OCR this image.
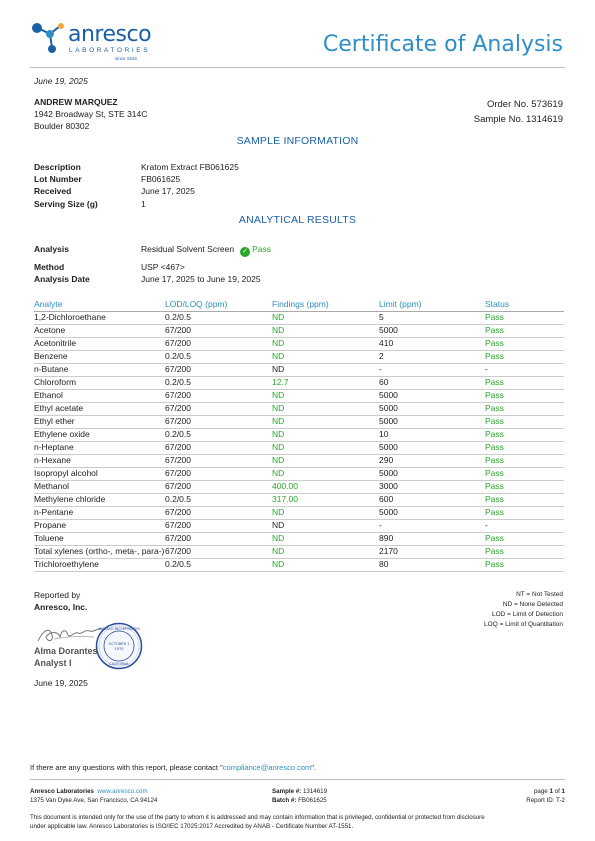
anresco
LABORATORIES
since 1943
Certificate of Analysis
June 19, 2025
ANDREW MARQUEZ
1942 Broadway St, STE 314C
Boulder 80302
Order No. 573619
Sample No. 1314619
SAMPLE INFORMATION
Description	Kratom Extract FB061625
Lot Number	FB061625
Received	June 17, 2025
Serving Size (g)	1
ANALYTICAL RESULTS
Analysis	Residual Solvent Screen ✓ Pass
Method	USP <467>
Analysis Date	June 17, 2025 to June 19, 2025
Analyte	LOD/LOQ (ppm)	Findings (ppm)	Limit (ppm)	Status
1,2-Dichloroethane	0.2/0.5	ND	5	Pass
Acetone	67/200	ND	5000	Pass
Acetonitrile	67/200	ND	410	Pass
Benzene	0.2/0.5	ND	2	Pass
n-Butane	67/200	ND	-	-
Chloroform	0.2/0.5	12.7	60	Pass
Ethanol	67/200	ND	5000	Pass
Ethyl acetate	67/200	ND	5000	Pass
Ethyl ether	67/200	ND	5000	Pass
Ethylene oxide	0.2/0.5	ND	10	Pass
n-Heptane	67/200	ND	5000	Pass
n-Hexane	67/200	ND	290	Pass
Isopropyl alcohol	67/200	ND	5000	Pass
Methanol	67/200	400.00	3000	Pass
Methylene chloride	0.2/0.5	317.00	600	Pass
n-Pentane	67/200	ND	5000	Pass
Propane	67/200	ND	-	-
Toluene	67/200	ND	890	Pass
Total xylenes (ortho-, meta-, para-)	67/200	ND	2170	Pass
Trichloroethylene	0.2/0.5	ND	80	Pass
Reported by
Anresco, Inc.
ANRESCO INCORPORATED
OCTOBER 1
1970
CALIFORNIA
Alma Dorantes
Analyst I
June 19, 2025
NT = Not Tested
ND = None Detected
LOD = Limit of Detection
LOQ = Limit of Quantitation
If there are any questions with this report, please contact "compliance@anresco.com".
Anresco Laboratories www.anresco.com
1375 Van Dyke Ave, San Francisco, CA 94124
Sample #: 1314619
Batch #: FB061625
page 1 of 1
Report ID: T-2
This document is intended only for the use of the party to whom it is addressed and may contain information that is privileged, confidential or protected from disclosure
under applicable law. Anresco Laboratories is ISO/IEC 17025:2017 Accredited by ANAB - Certificate Number AT-1551.
